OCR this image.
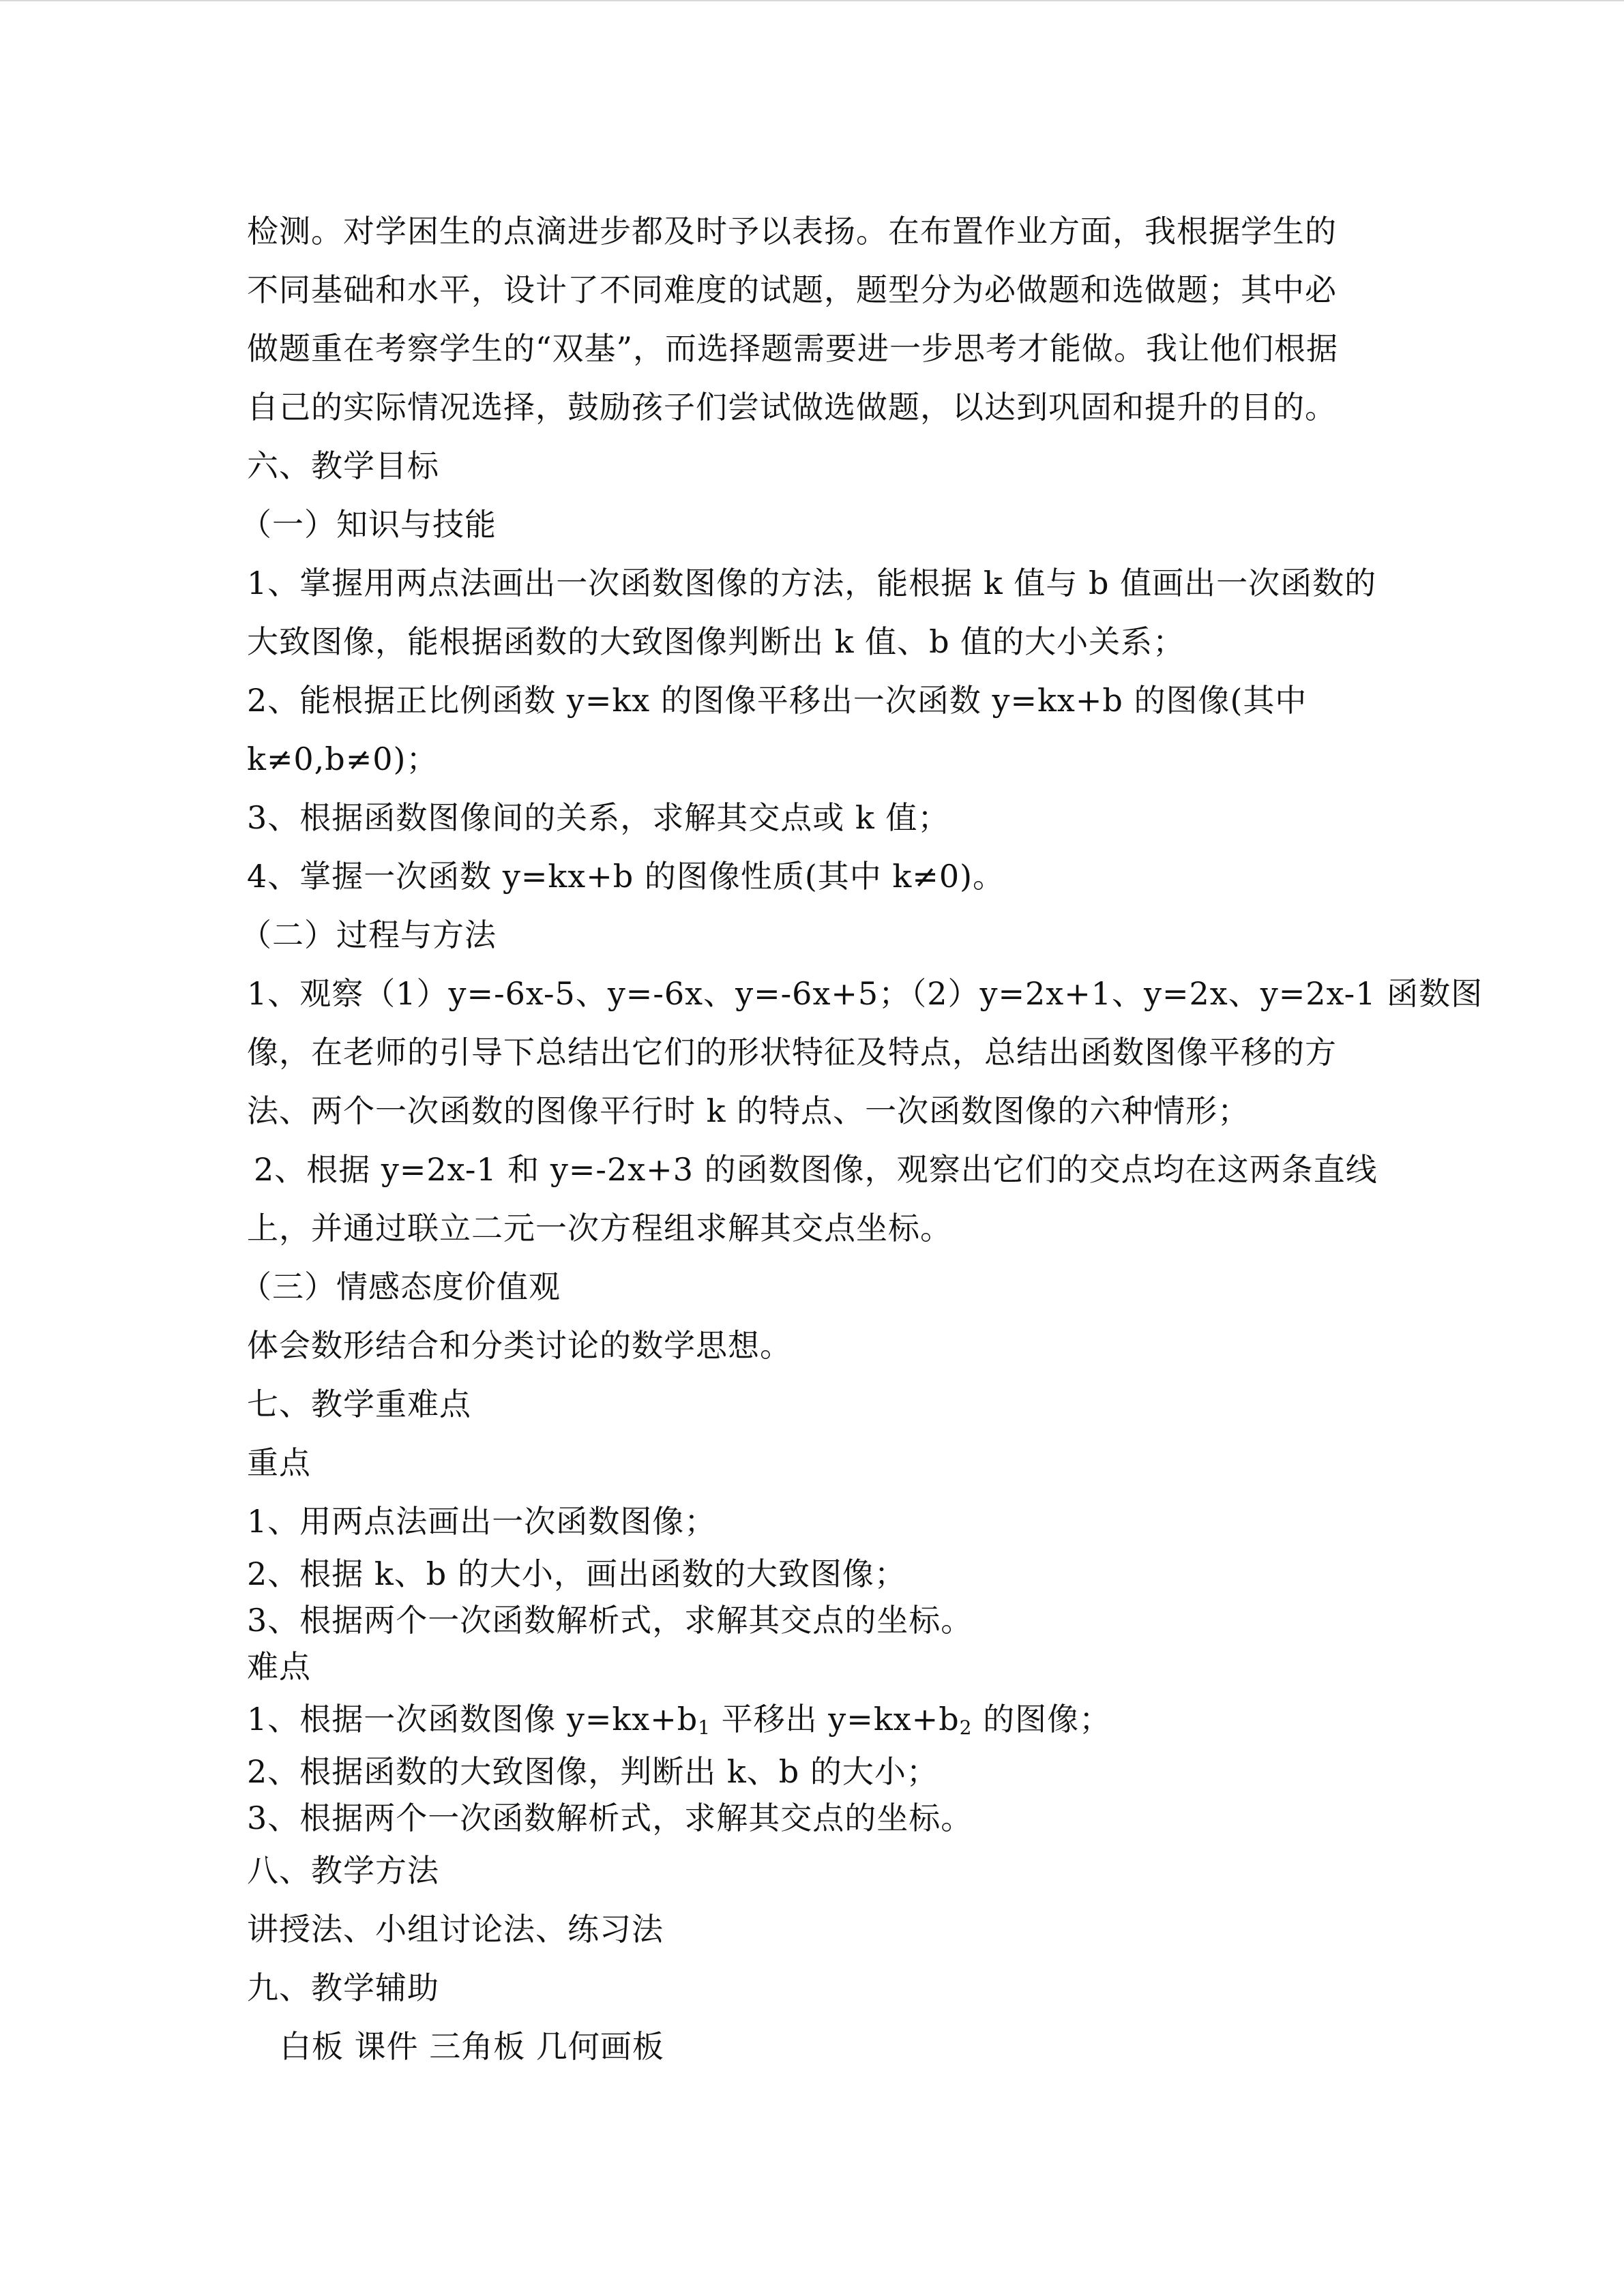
检测。对学困生的点滴进步都及时予以表扬。在布置作业方面，我根据学生的
不同基础和水平，设计了不同难度的试题，题型分为必做题和选做题；其中必
做题重在考察学生的“双基”，而选择题需要进一步思考才能做。我让他们根据
自己的实际情况选择，鼓励孩子们尝试做选做题，以达到巩固和提升的目的。
六、教学目标
（一）知识与技能
1、掌握用两点法画出一次函数图像的方法，能根据 k 值与 b 值画出一次函数的
大致图像，能根据函数的大致图像判断出 k 值、b 值的大小关系；
2、能根据正比例函数 y=kx 的图像平移出一次函数 y=kx+b 的图像(其中
k≠0,b≠0)；
3、根据函数图像间的关系，求解其交点或 k 值；
4、掌握一次函数 y=kx+b 的图像性质(其中 k≠0)。
（二）过程与方法
1、观察（1）y=-6x-5、y=-6x、y=-6x+5；（2）y=2x+1、y=2x、y=2x-1 函数图
像，在老师的引导下总结出它们的形状特征及特点，总结出函数图像平移的方
法、两个一次函数的图像平行时 k 的特点、一次函数图像的六种情形；
2、根据 y=2x-1 和 y=-2x+3 的函数图像，观察出它们的交点均在这两条直线
上，并通过联立二元一次方程组求解其交点坐标。
（三）情感态度价值观
体会数形结合和分类讨论的数学思想。
七、教学重难点
重点
1、用两点法画出一次函数图像；
2、根据 k、b 的大小，画出函数的大致图像；
3、根据两个一次函数解析式，求解其交点的坐标。
难点
1、根据一次函数图像 $y=kx+b_1$ 平移出 $y=kx+b_2$ 的图像；
2、根据函数的大致图像，判断出 k、b 的大小；
3、根据两个一次函数解析式，求解其交点的坐标。
八、教学方法
讲授法、小组讨论法、练习法
九、教学辅助
白板 课件 三角板 几何画板
